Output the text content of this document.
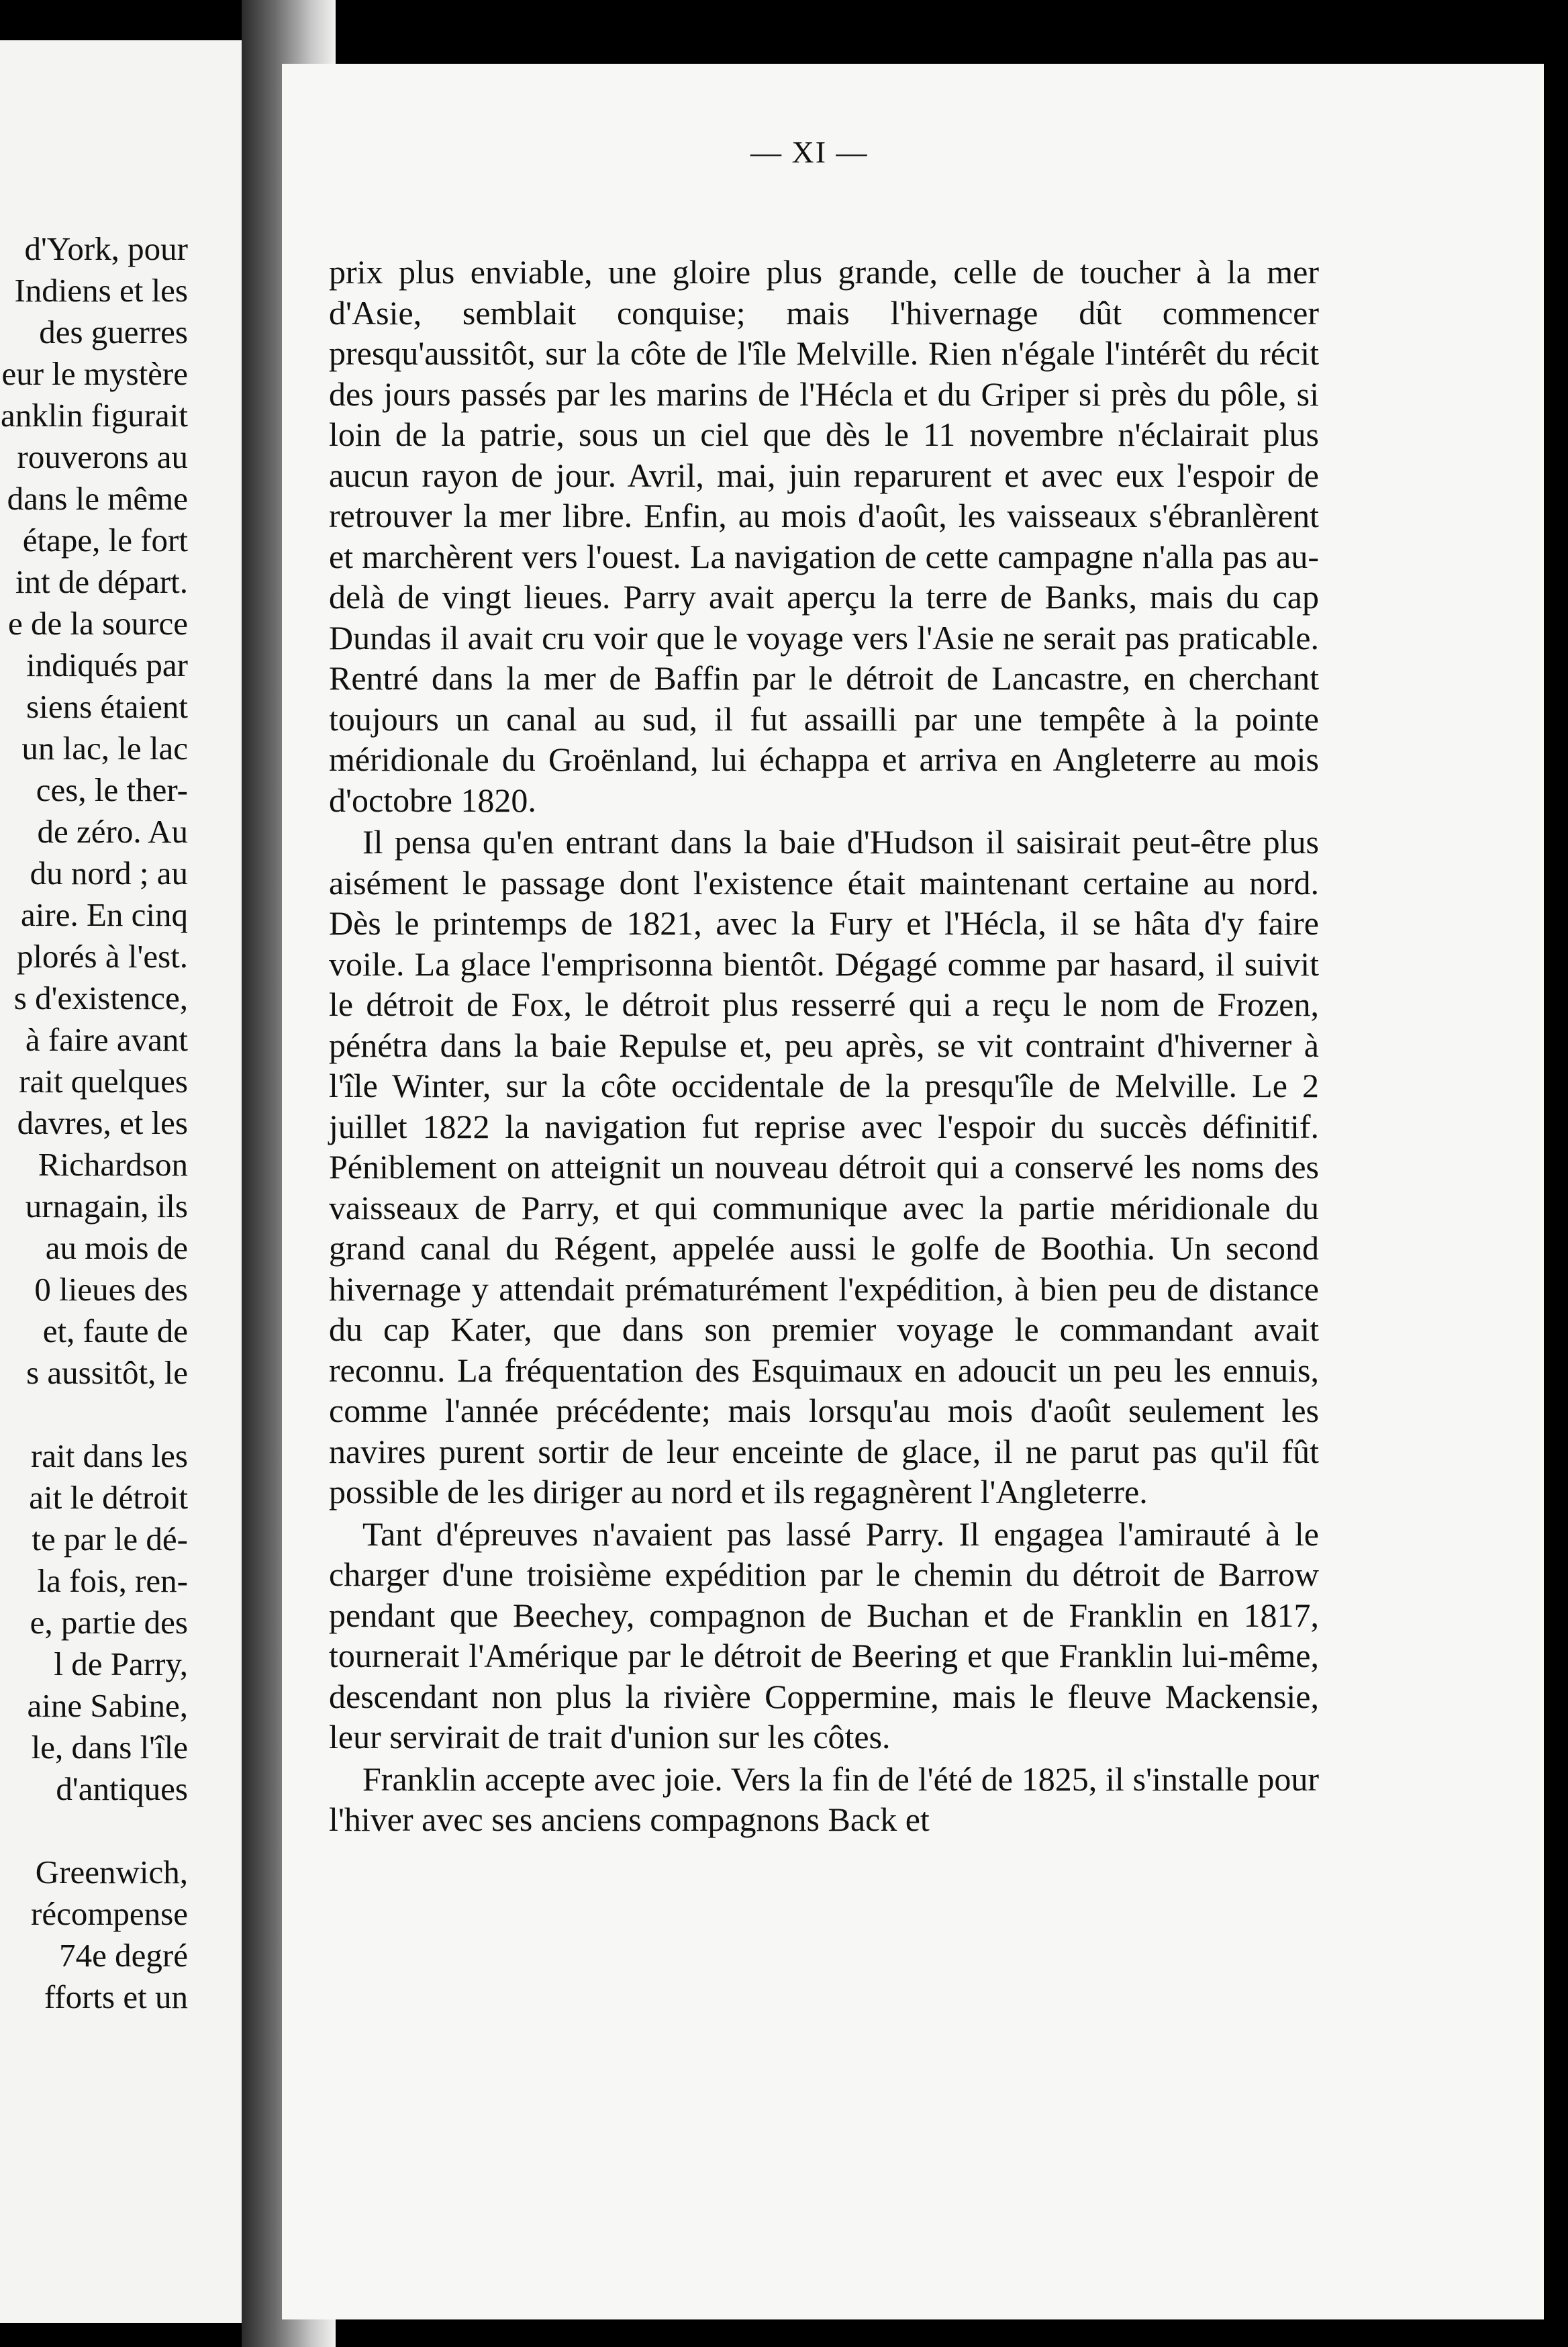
d'York, pour
Indiens et les
des guerres
eur le mystère
anklin figurait
rouverons au
dans le même
étape, le fort
int de départ.
e de la source
indiqués par
siens étaient
un lac, le lac
ces, le ther-
de zéro. Au
du nord ; au
aire. En cinq
plorés à l'est.
s d'existence,
à faire avant
rait quelques
davres, et les
Richardson
urnagain, ils
au mois de
0 lieues des
et, faute de
s aussitôt, le
rait dans les
ait le détroit
te par le dé-
la fois, ren-
e, partie des
l de Parry,
aine Sabine,
le, dans l'île
d'antiques
Greenwich,
récompense
74e degré
fforts et un
— XI —

prix plus enviable, une gloire plus grande, celle de toucher à la mer d'Asie, semblait conquise; mais l'hivernage dût commencer presqu'aussitôt, sur la côte de l'île Melville. Rien n'égale l'intérêt du récit des jours passés par les marins de l'Hécla et du Griper si près du pôle, si loin de la patrie, sous un ciel que dès le 11 novembre n'éclairait plus aucun rayon de jour. Avril, mai, juin reparurent et avec eux l'espoir de retrouver la mer libre. Enfin, au mois d'août, les vaisseaux s'ébranlèrent et marchèrent vers l'ouest. La navigation de cette campagne n'alla pas au-delà de vingt lieues. Parry avait aperçu la terre de Banks, mais du cap Dundas il avait cru voir que le voyage vers l'Asie ne serait pas praticable. Rentré dans la mer de Baffin par le détroit de Lancastre, en cherchant toujours un canal au sud, il fut assailli par une tempête à la pointe méridionale du Groënland, lui échappa et arriva en Angleterre au mois d'octobre 1820.

Il pensa qu'en entrant dans la baie d'Hudson il saisirait peut-être plus aisément le passage dont l'existence était maintenant certaine au nord. Dès le printemps de 1821, avec la Fury et l'Hécla, il se hâta d'y faire voile. La glace l'emprisonna bientôt. Dégagé comme par hasard, il suivit le détroit de Fox, le détroit plus resserré qui a reçu le nom de Frozen, pénétra dans la baie Repulse et, peu après, se vit contraint d'hiverner à l'île Winter, sur la côte occidentale de la presqu'île de Melville. Le 2 juillet 1822 la navigation fut reprise avec l'espoir du succès définitif. Péniblement on atteignit un nouveau détroit qui a conservé les noms des vaisseaux de Parry, et qui communique avec la partie méridionale du grand canal du Régent, appelée aussi le golfe de Boothia. Un second hivernage y attendait prématurément l'expédition, à bien peu de distance du cap Kater, que dans son premier voyage le commandant avait reconnu. La fréquentation des Esquimaux en adoucit un peu les ennuis, comme l'année précédente; mais lorsqu'au mois d'août seulement les navires purent sortir de leur enceinte de glace, il ne parut pas qu'il fût possible de les diriger au nord et ils regagnèrent l'Angleterre.

Tant d'épreuves n'avaient pas lassé Parry. Il engagea l'amirauté à le charger d'une troisième expédition par le chemin du détroit de Barrow pendant que Beechey, compagnon de Buchan et de Franklin en 1817, tournerait l'Amérique par le détroit de Beering et que Franklin lui-même, descendant non plus la rivière Coppermine, mais le fleuve Mackensie, leur servirait de trait d'union sur les côtes.

Franklin accepte avec joie. Vers la fin de l'été de 1825, il s'installe pour l'hiver avec ses anciens compagnons Back et
